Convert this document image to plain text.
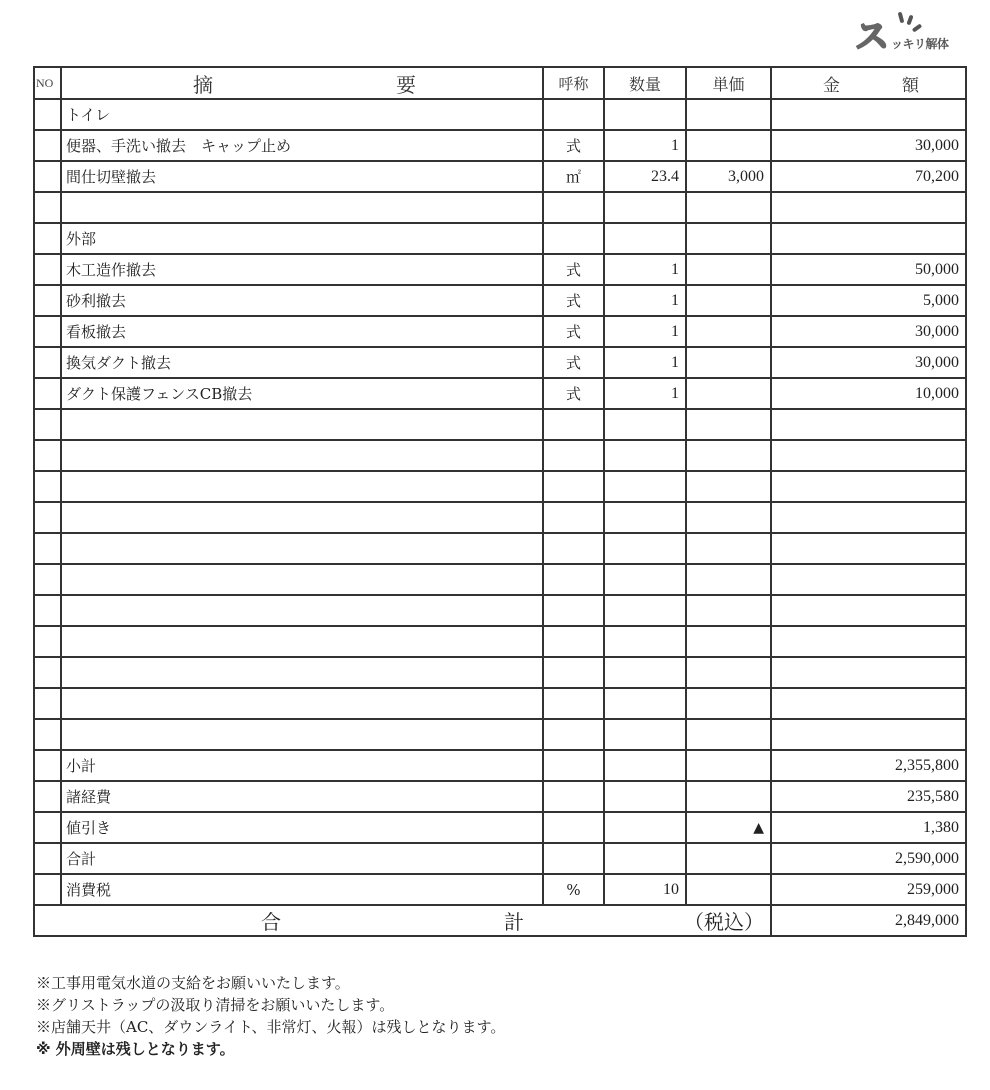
ス ッキリ解体
NO	摘 要	呼称	数量	単価	金 額

	トイレ				
	便器、手洗い撤去　キャップ止め	式	1		30,000
	間仕切壁撤去	㎡	23.4	3,000	70,200

	外部				
	木工造作撤去	式	1		50,000
	砂利撤去	式	1		5,000
	看板撤去	式	1		30,000
	換気ダクト撤去	式	1		30,000
	ダクト保護フェンスCB撤去	式	1		10,000

	小計				2,355,800
	諸経費				235,580
	値引き			▲	1,380
	合計				2,590,000
	消費税	%	10		259,000

合 計 （税込）					2,849,000
※工事用電気水道の支給をお願いいたします。
※グリストラップの汲取り清掃をお願いいたします。
※店舗天井（AC、ダウンライト、非常灯、火報）は残しとなります。
※ 外周壁は残しとなります。
